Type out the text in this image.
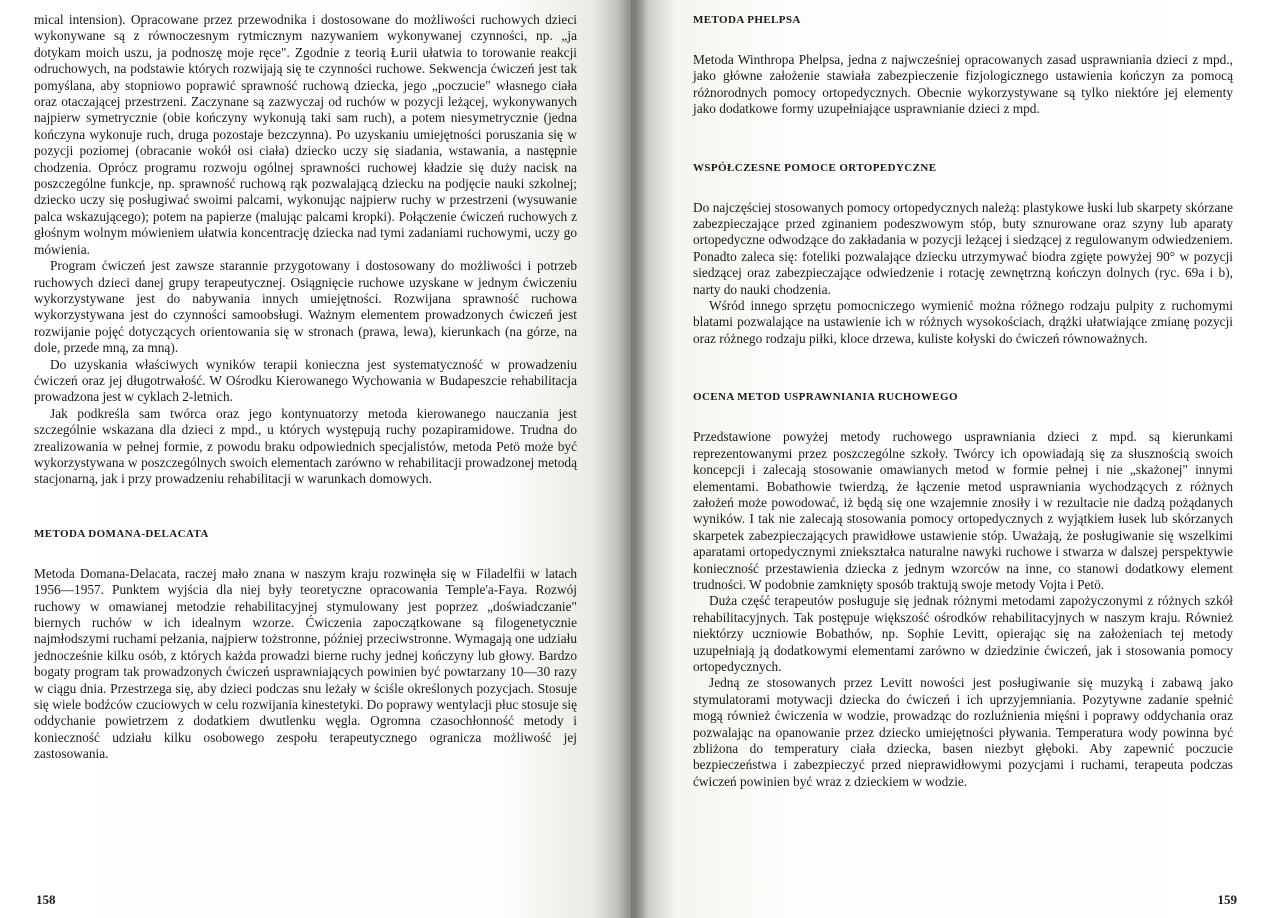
mical intension). Opracowane przez przewodnika i dostosowane do możliwości ruchowych dzieci wykonywane są z równoczesnym rytmicznym nazywaniem wykonywanej czynności, np. „ja dotykam moich uszu, ja podnoszę moje ręce". Zgodnie z teorią Łurii ułatwia to torowanie reakcji odruchowych, na podstawie których rozwijają się te czynności ruchowe. Sekwencja ćwiczeń jest tak pomyślana, aby stopniowo poprawić sprawność ruchową dziecka, jego „poczucie" własnego ciała oraz otaczającej przestrzeni. Zaczynane są zazwyczaj od ruchów w pozycji leżącej, wykonywanych najpierw symetrycznie (obie kończyny wykonują taki sam ruch), a potem niesymetrycznie (jedna kończyna wykonuje ruch, druga pozostaje bezczynna). Po uzyskaniu umiejętności poruszania się w pozycji poziomej (obracanie wokół osi ciała) dziecko uczy się siadania, wstawania, a następnie chodzenia. Oprócz programu rozwoju ogólnej sprawności ruchowej kładzie się duży nacisk na poszczególne funkcje, np. sprawność ruchową rąk pozwalającą dziecku na podjęcie nauki szkolnej; dziecko uczy się posługiwać swoimi palcami, wykonując najpierw ruchy w przestrzeni (wysuwanie palca wskazującego); potem na papierze (malując palcami kropki). Połączenie ćwiczeń ruchowych z głośnym wolnym mówieniem ułatwia koncentrację dziecka nad tymi zadaniami ruchowymi, uczy go mówienia.

Program ćwiczeń jest zawsze starannie przygotowany i dostosowany do możliwości i potrzeb ruchowych dzieci danej grupy terapeutycznej. Osiągnięcie ruchowe uzyskane w jednym ćwiczeniu wykorzystywane jest do nabywania innych umiejętności. Rozwijana sprawność ruchowa wykorzystywana jest do czynności samoobsługi. Ważnym elementem prowadzonych ćwiczeń jest rozwijanie pojęć dotyczących orientowania się w stronach (prawa, lewa), kierunkach (na górze, na dole, przede mną, za mną).

Do uzyskania właściwych wyników terapii konieczna jest systematyczność w prowadzeniu ćwiczeń oraz jej długotrwałość. W Ośrodku Kierowanego Wychowania w Budapeszcie rehabilitacja prowadzona jest w cyklach 2-letnich.

Jak podkreśla sam twórca oraz jego kontynuatorzy metoda kierowanego nauczania jest szczególnie wskazana dla dzieci z mpd., u których występują ruchy pozapiramidowe. Trudna do zrealizowania w pełnej formie, z powodu braku odpowiednich specjalistów, metoda Petö może być wykorzystywana w poszczególnych swoich elementach zarówno w rehabilitacji prowadzonej metodą stacjonarną, jak i przy prowadzeniu rehabilitacji w warunkach domowych.

METODA DOMANA-DELACATA

Metoda Domana-Delacata, raczej mało znana w naszym kraju rozwinęła się w Filadelfii w latach 1956—1957. Punktem wyjścia dla niej były teoretyczne opracowania Temple'a-Faya. Rozwój ruchowy w omawianej metodzie rehabilitacyjnej stymulowany jest poprzez „doświadczanie" biernych ruchów w ich idealnym wzorze. Ćwiczenia zapoczątkowane są filogenetycznie najmłodszymi ruchami pełzania, najpierw tożstronne, później przeciwstronne. Wymagają one udziału jednocześnie kilku osób, z których każda prowadzi bierne ruchy jednej kończyny lub głowy. Bardzo bogaty program tak prowadzonych ćwiczeń usprawniających powinien być powtarzany 10—30 razy w ciągu dnia. Przestrzega się, aby dzieci podczas snu leżały w ściśle określonych pozycjach. Stosuje się wiele bodźców czuciowych w celu rozwijania kinestetyki. Do poprawy wentylacji płuc stosuje się oddychanie powietrzem z dodatkiem dwutlenku węgla. Ogromna czasochłonność metody i konieczność udziału kilku osobowego zespołu terapeutycznego ogranicza możliwość jej zastosowania.

158
METODA PHELPSA

Metoda Winthropa Phelpsa, jedna z najwcześniej opracowanych zasad usprawniania dzieci z mpd., jako główne założenie stawiała zabezpieczenie fizjologicznego ustawienia kończyn za pomocą różnorodnych pomocy ortopedycznych. Obecnie wykorzystywane są tylko niektóre jej elementy jako dodatkowe formy uzupełniające usprawnianie dzieci z mpd.

WSPÓŁCZESNE POMOCE ORTOPEDYCZNE

Do najczęściej stosowanych pomocy ortopedycznych należą: plastykowe łuski lub skarpety skórzane zabezpieczające przed zginaniem podeszwowym stóp, buty sznurowane oraz szyny lub aparaty ortopedyczne odwodzące do zakładania w pozycji leżącej i siedzącej z regulowanym odwiedzeniem. Ponadto zaleca się: foteliki pozwalające dziecku utrzymywać biodra zgięte powyżej 90° w pozycji siedzącej oraz zabezpieczające odwiedzenie i rotację zewnętrzną kończyn dolnych (ryc. 69a i b), narty do nauki chodzenia.

Wśród innego sprzętu pomocniczego wymienić można różnego rodzaju pulpity z ruchomymi blatami pozwalające na ustawienie ich w różnych wysokościach, drążki ułatwiające zmianę pozycji oraz różnego rodzaju piłki, kloce drzewa, kuliste kołyski do ćwiczeń równoważnych.

OCENA METOD USPRAWNIANIA RUCHOWEGO

Przedstawione powyżej metody ruchowego usprawniania dzieci z mpd. są kierunkami reprezentowanymi przez poszczególne szkoły. Twórcy ich opowiadają się za słusznością swoich koncepcji i zalecają stosowanie omawianych metod w formie pełnej i nie „skażonej" innymi elementami. Bobathowie twierdzą, że łączenie metod usprawniania wychodzących z różnych założeń może powodować, iż będą się one wzajemnie znosiły i w rezultacie nie dadzą pożądanych wyników. I tak nie zalecają stosowania pomocy ortopedycznych z wyjątkiem łusek lub skórzanych skarpetek zabezpieczających prawidłowe ustawienie stóp. Uważają, że posługiwanie się wszelkimi aparatami ortopedycznymi zniekształca naturalne nawyki ruchowe i stwarza w dalszej perspektywie konieczność przestawienia dziecka z jednym wzorców na inne, co stanowi dodatkowy element trudności. W podobnie zamknięty sposób traktują swoje metody Vojta i Petö.

Duża część terapeutów posługuje się jednak różnymi metodami zapożyczonymi z różnych szkół rehabilitacyjnych. Tak postępuje większość ośrodków rehabilitacyjnych w naszym kraju. Również niektórzy uczniowie Bobathów, np. Sophie Levitt, opierając się na założeniach tej metody uzupełniają ją dodatkowymi elementami zarówno w dziedzinie ćwiczeń, jak i stosowania pomocy ortopedycznych.

Jedną ze stosowanych przez Levitt nowości jest posługiwanie się muzyką i zabawą jako stymulatorami motywacji dziecka do ćwiczeń i ich uprzyjemniania. Pozytywne zadanie spełnić mogą również ćwiczenia w wodzie, prowadząc do rozluźnienia mięśni i poprawy oddychania oraz pozwalając na opanowanie przez dziecko umiejętności pływania. Temperatura wody powinna być zbliżona do temperatury ciała dziecka, basen niezbyt głęboki. Aby zapewnić poczucie bezpieczeństwa i zabezpieczyć przed nieprawidłowymi pozycjami i ruchami, terapeuta podczas ćwiczeń powinien być wraz z dzieckiem w wodzie.

159
